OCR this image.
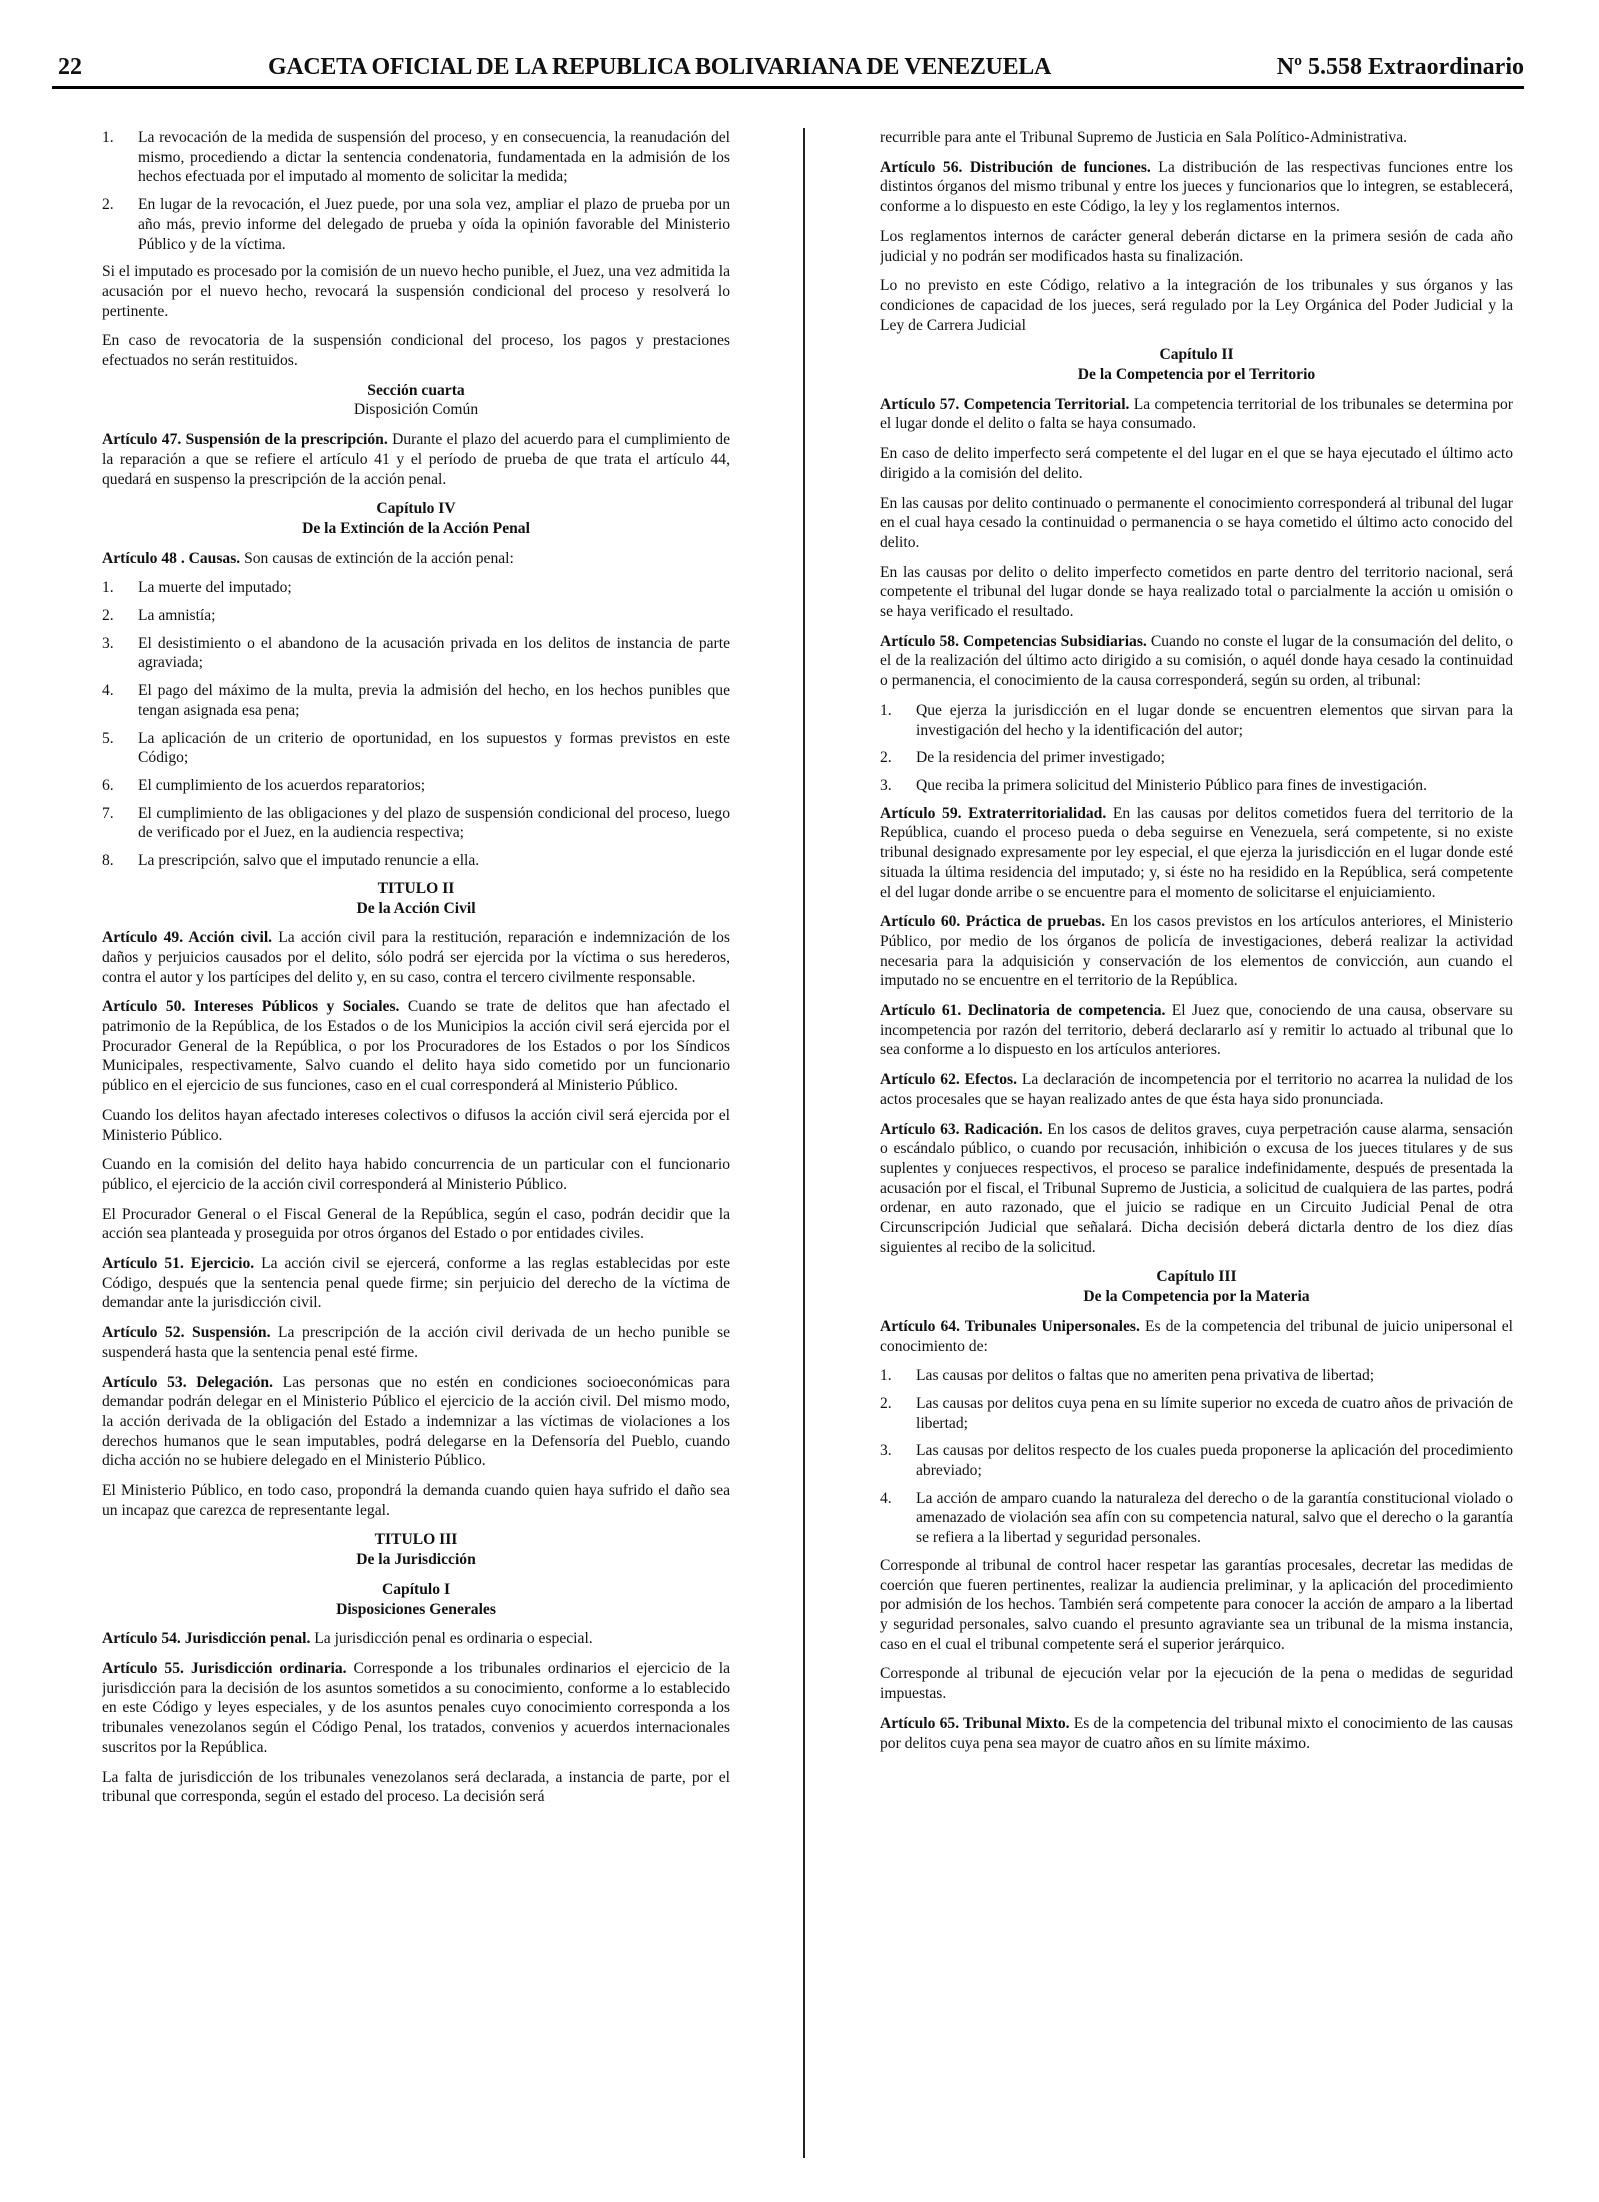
22	GACETA OFICIAL DE LA REPUBLICA BOLIVARIANA DE VENEZUELA	Nº 5.558 Extraordinario
1.	La revocación de la medida de suspensión del proceso, y en consecuencia, la reanudación del mismo, procediendo a dictar la sentencia condenatoria, fundamentada en la admisión de los hechos efectuada por el imputado al momento de solicitar la medida;
2.	En lugar de la revocación, el Juez puede, por una sola vez, ampliar el plazo de prueba por un año más, previo informe del delegado de prueba y oída la opinión favorable del Ministerio Público y de la víctima.

Si el imputado es procesado por la comisión de un nuevo hecho punible, el Juez, una vez admitida la acusación por el nuevo hecho, revocará la suspensión condicional del proceso y resolverá lo pertinente.

En caso de revocatoria de la suspensión condicional del proceso, los pagos y prestaciones efectuados no serán restituidos.

Sección cuarta

Disposición Común

Artículo 47. Suspensión de la prescripción. Durante el plazo del acuerdo para el cumplimiento de la reparación a que se refiere el artículo 41 y el período de prueba de que trata el artículo 44, quedará en suspenso la prescripción de la acción penal.

Capítulo IV

De la Extinción de la Acción Penal

Artículo 48 . Causas. Son causas de extinción de la acción penal:

1.	La muerte del imputado;
2.	La amnistía;
3.	El desistimiento o el abandono de la acusación privada en los delitos de instancia de parte agraviada;
4.	El pago del máximo de la multa, previa la admisión del hecho, en los hechos punibles que tengan asignada esa pena;
5.	La aplicación de un criterio de oportunidad, en los supuestos y formas previstos en este Código;
6.	El cumplimiento de los acuerdos reparatorios;
7.	El cumplimiento de las obligaciones y del plazo de suspensión condicional del proceso, luego de verificado por el Juez, en la audiencia respectiva;
8.	La prescripción, salvo que el imputado renuncie a ella.

TITULO II

De la Acción Civil

Artículo 49. Acción civil. La acción civil para la restitución, reparación e indemnización de los daños y perjuicios causados por el delito, sólo podrá ser ejercida por la víctima o sus herederos, contra el autor y los partícipes del delito y, en su caso, contra el tercero civilmente responsable.

Artículo 50. Intereses Públicos y Sociales. Cuando se trate de delitos que han afectado el patrimonio de la República, de los Estados o de los Municipios la acción civil será ejercida por el Procurador General de la República, o por los Procuradores de los Estados o por los Síndicos Municipales, respectivamente, Salvo cuando el delito haya sido cometido por un funcionario público en el ejercicio de sus funciones, caso en el cual corresponderá al Ministerio Público.

Cuando los delitos hayan afectado intereses colectivos o difusos la acción civil será ejercida por el Ministerio Público.

Cuando en la comisión del delito haya habido concurrencia de un particular con el funcionario público, el ejercicio de la acción civil corresponderá al Ministerio Público.

El Procurador General o el Fiscal General de la República, según el caso, podrán decidir que la acción sea planteada y proseguida por otros órganos del Estado o por entidades civiles.

Artículo 51. Ejercicio. La acción civil se ejercerá, conforme a las reglas establecidas por este Código, después que la sentencia penal quede firme; sin perjuicio del derecho de la víctima de demandar ante la jurisdicción civil.

Artículo 52. Suspensión. La prescripción de la acción civil derivada de un hecho punible se suspenderá hasta que la sentencia penal esté firme.

Artículo 53. Delegación. Las personas que no estén en condiciones socioeconómicas para demandar podrán delegar en el Ministerio Público el ejercicio de la acción civil. Del mismo modo, la acción derivada de la obligación del Estado a indemnizar a las víctimas de violaciones a los derechos humanos que le sean imputables, podrá delegarse en la Defensoría del Pueblo, cuando dicha acción no se hubiere delegado en el Ministerio Público.

El Ministerio Público, en todo caso, propondrá la demanda cuando quien haya sufrido el daño sea un incapaz que carezca de representante legal.

TITULO III

De la Jurisdicción

Capítulo I

Disposiciones Generales

Artículo 54. Jurisdicción penal. La jurisdicción penal es ordinaria o especial.

Artículo 55. Jurisdicción ordinaria. Corresponde a los tribunales ordinarios el ejercicio de la jurisdicción para la decisión de los asuntos sometidos a su conocimiento, conforme a lo establecido en este Código y leyes especiales, y de los asuntos penales cuyo conocimiento corresponda a los tribunales venezolanos según el Código Penal, los tratados, convenios y acuerdos internacionales suscritos por la República.

La falta de jurisdicción de los tribunales venezolanos será declarada, a instancia de parte, por el tribunal que corresponda, según el estado del proceso. La decisión será

recurrible para ante el Tribunal Supremo de Justicia en Sala Político-Administrativa.

Artículo 56. Distribución de funciones. La distribución de las respectivas funciones entre los distintos órganos del mismo tribunal y entre los jueces y funcionarios que lo integren, se establecerá, conforme a lo dispuesto en este Código, la ley y los reglamentos internos.

Los reglamentos internos de carácter general deberán dictarse en la primera sesión de cada año judicial y no podrán ser modificados hasta su finalización.

Lo no previsto en este Código, relativo a la integración de los tribunales y sus órganos y las condiciones de capacidad de los jueces, será regulado por la Ley Orgánica del Poder Judicial y la Ley de Carrera Judicial

Capítulo II

De la Competencia por el Territorio

Artículo 57. Competencia Territorial. La competencia territorial de los tribunales se determina por el lugar donde el delito o falta se haya consumado.

En caso de delito imperfecto será competente el del lugar en el que se haya ejecutado el último acto dirigido a la comisión del delito.

En las causas por delito continuado o permanente el conocimiento corresponderá al tribunal del lugar en el cual haya cesado la continuidad o permanencia o se haya cometido el último acto conocido del delito.

En las causas por delito o delito imperfecto cometidos en parte dentro del territorio nacional, será competente el tribunal del lugar donde se haya realizado total o parcialmente la acción u omisión o se haya verificado el resultado.

Artículo 58. Competencias Subsidiarias. Cuando no conste el lugar de la consumación del delito, o el de la realización del último acto dirigido a su comisión, o aquél donde haya cesado la continuidad o permanencia, el conocimiento de la causa corresponderá, según su orden, al tribunal:

1.	Que ejerza la jurisdicción en el lugar donde se encuentren elementos que sirvan para la investigación del hecho y la identificación del autor;
2.	De la residencia del primer investigado;
3.	Que reciba la primera solicitud del Ministerio Público para fines de investigación.

Artículo 59. Extraterritorialidad. En las causas por delitos cometidos fuera del territorio de la República, cuando el proceso pueda o deba seguirse en Venezuela, será competente, si no existe tribunal designado expresamente por ley especial, el que ejerza la jurisdicción en el lugar donde esté situada la última residencia del imputado; y, si éste no ha residido en la República, será competente el del lugar donde arribe o se encuentre para el momento de solicitarse el enjuiciamiento.

Artículo 60. Práctica de pruebas. En los casos previstos en los artículos anteriores, el Ministerio Público, por medio de los órganos de policía de investigaciones, deberá realizar la actividad necesaria para la adquisición y conservación de los elementos de convicción, aun cuando el imputado no se encuentre en el territorio de la República.

Artículo 61. Declinatoria de competencia. El Juez que, conociendo de una causa, observare su incompetencia por razón del territorio, deberá declararlo así y remitir lo actuado al tribunal que lo sea conforme a lo dispuesto en los artículos anteriores.

Artículo 62. Efectos. La declaración de incompetencia por el territorio no acarrea la nulidad de los actos procesales que se hayan realizado antes de que ésta haya sido pronunciada.

Artículo 63. Radicación. En los casos de delitos graves, cuya perpetración cause alarma, sensación o escándalo público, o cuando por recusación, inhibición o excusa de los jueces titulares y de sus suplentes y conjueces respectivos, el proceso se paralice indefinidamente, después de presentada la acusación por el fiscal, el Tribunal Supremo de Justicia, a solicitud de cualquiera de las partes, podrá ordenar, en auto razonado, que el juicio se radique en un Circuito Judicial Penal de otra Circunscripción Judicial que señalará. Dicha decisión deberá dictarla dentro de los diez días siguientes al recibo de la solicitud.

Capítulo III

De la Competencia por la Materia

Artículo 64. Tribunales Unipersonales. Es de la competencia del tribunal de juicio unipersonal el conocimiento de:

1.	Las causas por delitos o faltas que no ameriten pena privativa de libertad;
2.	Las causas por delitos cuya pena en su límite superior no exceda de cuatro años de privación de libertad;
3.	Las causas por delitos respecto de los cuales pueda proponerse la aplicación del procedimiento abreviado;
4.	La acción de amparo cuando la naturaleza del derecho o de la garantía constitucional violado o amenazado de violación sea afín con su competencia natural, salvo que el derecho o la garantía se refiera a la libertad y seguridad personales.

Corresponde al tribunal de control hacer respetar las garantías procesales, decretar las medidas de coerción que fueren pertinentes, realizar la audiencia preliminar, y la aplicación del procedimiento por admisión de los hechos. También será competente para conocer la acción de amparo a la libertad y seguridad personales, salvo cuando el presunto agraviante sea un tribunal de la misma instancia, caso en el cual el tribunal competente será el superior jerárquico.

Corresponde al tribunal de ejecución velar por la ejecución de la pena o medidas de seguridad impuestas.

Artículo 65. Tribunal Mixto. Es de la competencia del tribunal mixto el conocimiento de las causas por delitos cuya pena sea mayor de cuatro años en su límite máximo.
